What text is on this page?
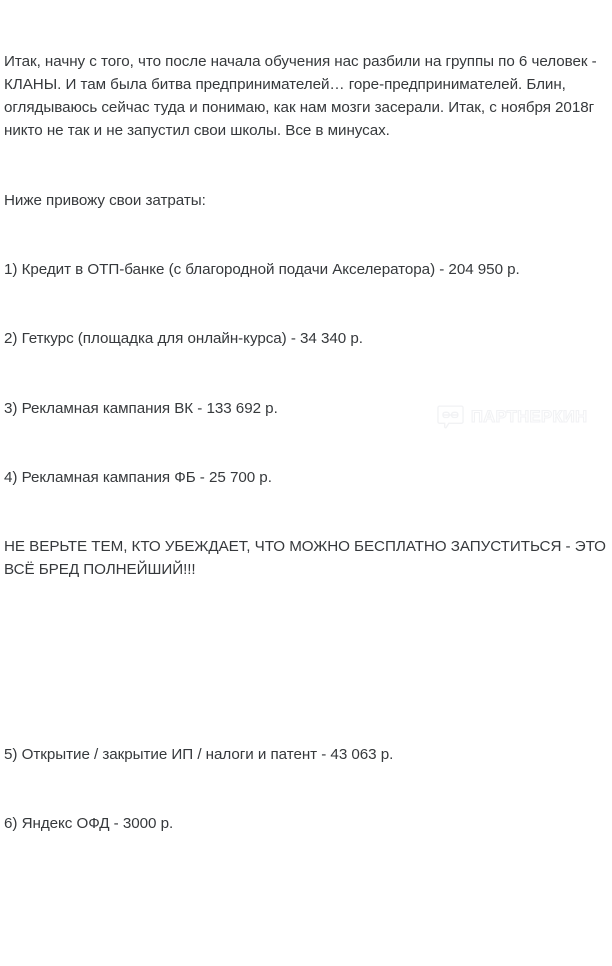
ПАРТНЕРКИН

Итак, начну с того, что после начала обучения нас разбили на группы по 6 человек - КЛАНЫ. И там была битва предпринимателей… горе-предпринимателей. Блин, оглядываюсь сейчас туда и понимаю, как нам мозги засерали. Итак, с ноября 2018г никто не так и не запустил свои школы. Все в минусах.

Ниже привожу свои затраты:

1) Кредит в ОТП-банке (с благородной подачи Акселератора) - 204 950 р.

2) Геткурс (площадка для онлайн-курса) - 34 340 р.

3) Рекламная кампания ВК - 133 692 р.

4) Рекламная кампания ФБ - 25 700 р.

НЕ ВЕРЬТЕ ТЕМ, КТО УБЕЖДАЕТ, ЧТО МОЖНО БЕСПЛАТНО ЗАПУСТИТЬСЯ - ЭТО ВСЁ БРЕД ПОЛНЕЙШИЙ!!!

5) Открытие / закрытие ИП / налоги и патент - 43 063 р.

6) Яндекс ОФД - 3000 р.
